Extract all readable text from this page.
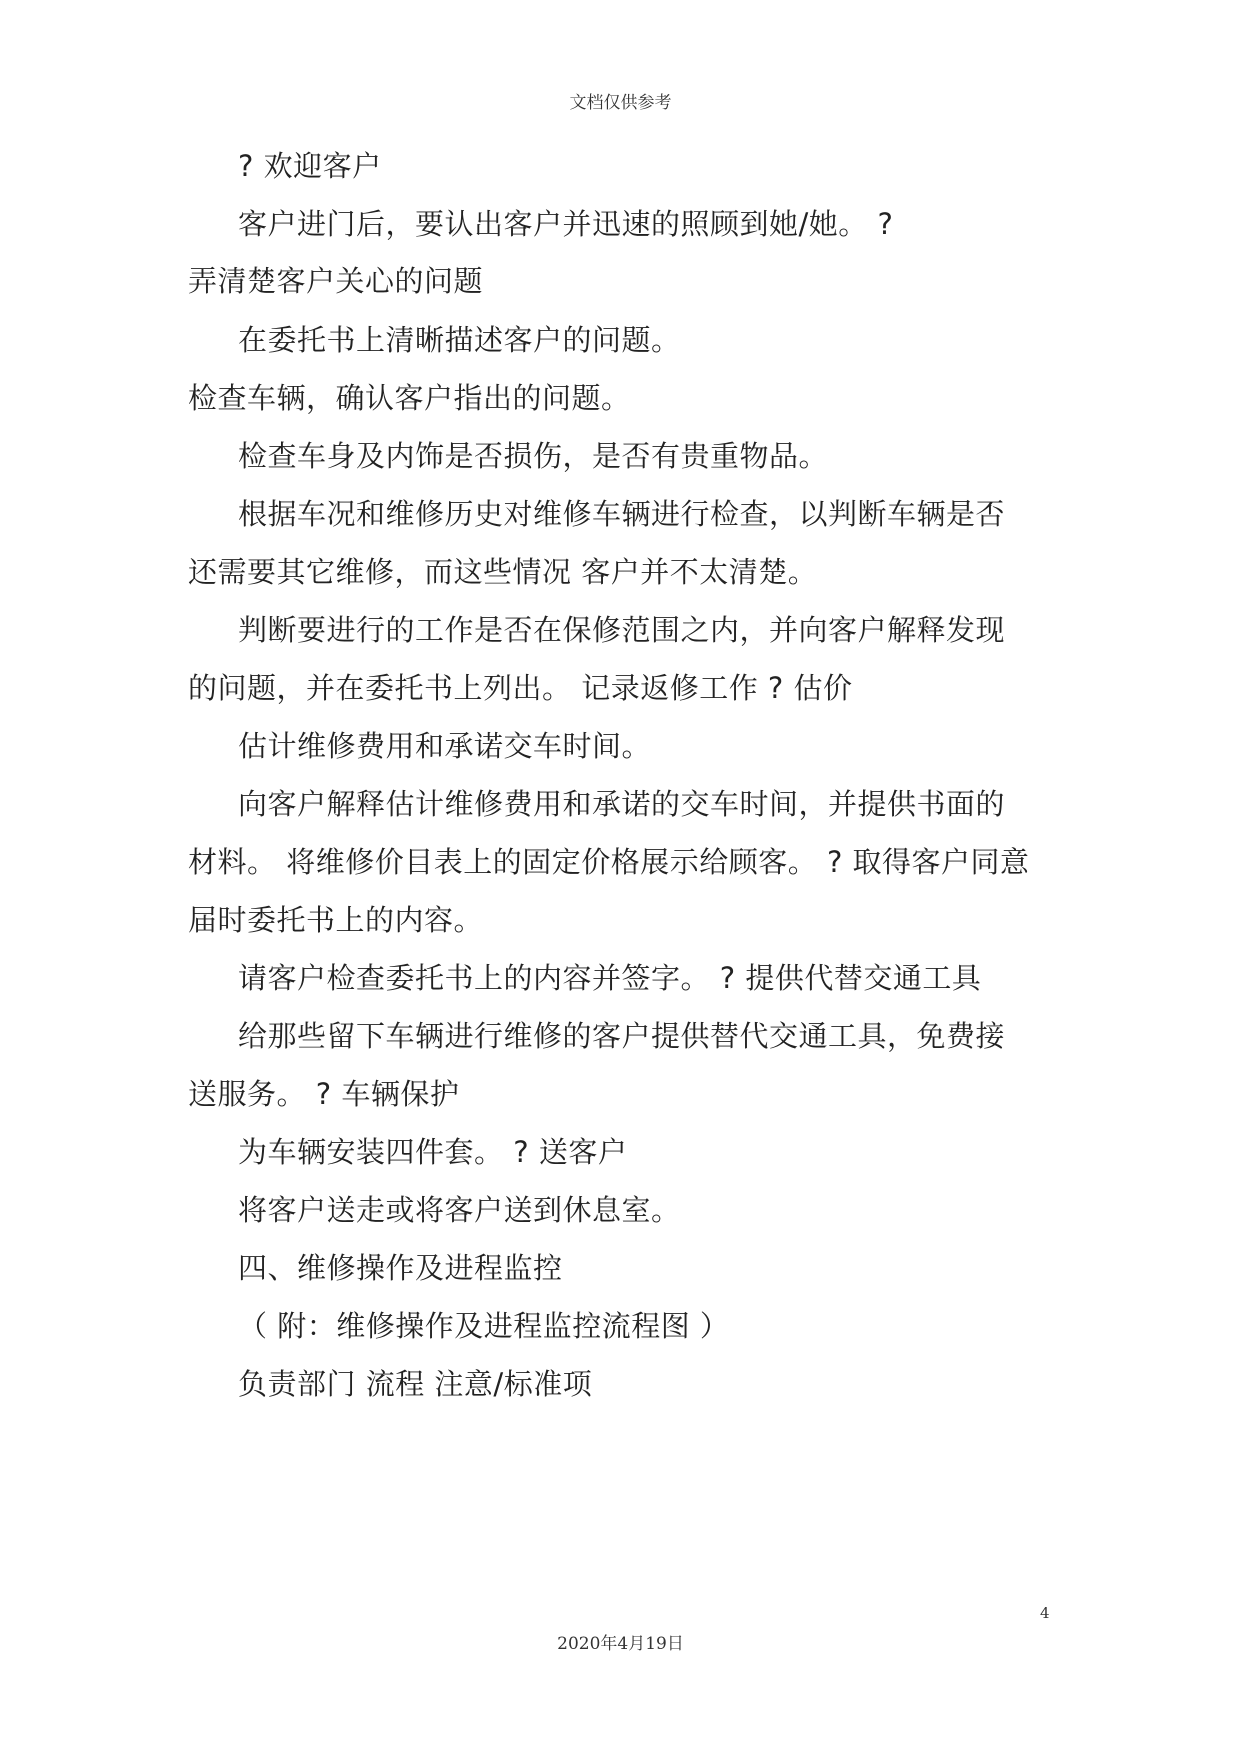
文档仅供参考
? 欢迎客户
客户进门后，要认出客户并迅速的照顾到她/她。 ?
弄清楚客户关心的问题
在委托书上清晰描述客户的问题。
检查车辆，确认客户指出的问题。
检查车身及内饰是否损伤，是否有贵重物品。
根据车况和维修历史对维修车辆进行检查，以判断车辆是否
还需要其它维修，而这些情况 客户并不太清楚。
判断要进行的工作是否在保修范围之内，并向客户解释发现
的问题，并在委托书上列出。 记录返修工作 ? 估价
估计维修费用和承诺交车时间。
向客户解释估计维修费用和承诺的交车时间，并提供书面的
材料。 将维修价目表上的固定价格展示给顾客。 ? 取得客户同意
届时委托书上的内容。
请客户检查委托书上的内容并签字。 ? 提供代替交通工具
给那些留下车辆进行维修的客户提供替代交通工具，免费接
送服务。 ? 车辆保护
为车辆安装四件套。 ? 送客户
将客户送走或将客户送到休息室。
四、维修操作及进程监控
（ 附：维修操作及进程监控流程图 ）
负责部门 流程 注意/标准项
4
2020年4月19日
